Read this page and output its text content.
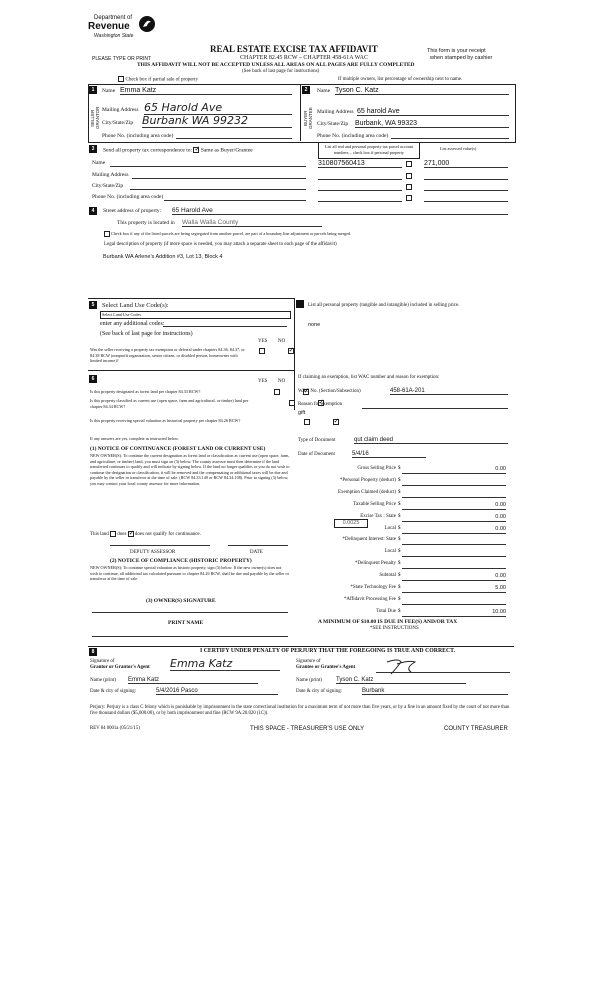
Department of
Revenue
Washington State
PLEASE TYPE OR PRINT
REAL ESTATE EXCISE TAX AFFIDAVIT
CHAPTER 82.45 RCW – CHAPTER 458-61A WAC
THIS AFFIDAVIT WILL NOT BE ACCEPTED UNLESS ALL AREAS ON ALL PAGES ARE FULLY COMPLETED
(See back of last page for instructions)
This form is your receipt
when stamped by cashier
Check box if partial sale of property	If multiple owners, list percentage of ownership next to name.
1
SELLER GRANTOR
Name Emma Katz
Mailing Address 65 Harold Ave
City/State/Zip Burbank WA 99232
Phone No. (including area code)
2
BUYER GRANTEE
Name Tyson C. Katz
Mailing Address 65 harold Ave
City/State/Zip Burbank, WA 99323
Phone No. (including area code)
3	Send all property tax correspondence to: ✓ Same as Buyer/Grantee
List all real and personal property tax parcel account numbers – check box if personal property
List assessed value(s)
Name
Mailing Address
City/State/Zip
Phone No. (including area code)
310807560413	271,000
4	Street address of property: 65 Harold Ave
This property is located in Walla Walla County
Check box if any of the listed parcels are being segregated from another parcel, are part of a boundary line adjustment or parcels being merged.
Legal description of property (if more space is needed, you may attach a separate sheet to each page of the affidavit)
Burbank WA Arlene's Addition #3, Lot 13, Block 4
5	Select Land Use Code(s):
Select Land Use Codes
enter any additional codes:
(See back of last page for instructions)
YES NO
Was the seller receiving a property tax exemption or deferral under chapters 84.36, 84.37, or 84.38 RCW (nonprofit organization, senior citizen, or disabled person, homeowner with limited income)?
✓
6	YES NO
Is this property designated as forest land per chapter 84.33 RCW?
✓
Is this property classified as current use (open space, farm and agricultural, or timber) land per chapter 84.34 RCW?
✓
Is this property receiving special valuation as historical property per chapter 84.26 RCW?
✓
If any answers are yes, complete as instructed below.
(1) NOTICE OF CONTINUANCE (FOREST LAND OR CURRENT USE)
NEW OWNER(S): To continue the current designation as forest land or classification as current use (open space, farm, and agriculture, or timber) land, you must sign on (3) below. The county assessor must then determine if the land transferred continues to qualify and will indicate by signing below. If the land no longer qualifies or you do not wish to continue the designation or classification, it will be removed and the compensating or additional taxes will be due and payable by the seller or transferor at the time of sale. (RCW 84.33.140 or RCW 84.34.108). Prior to signing (3) below, you may contact your local county assessor for more information.
This land does ✓ does not qualify for continuance.
DEPUTY ASSESSOR	DATE
(2) NOTICE OF COMPLIANCE (HISTORIC PROPERTY)
NEW OWNER(S): To continue special valuation as historic property, sign (3) below. If the new owner(s) does not wish to continue, all additional tax calculated pursuant to chapter 84.26 RCW, shall be due and payable by the seller or transferor at the time of sale.
(3) OWNER(S) SIGNATURE
PRINT NAME
List all personal property (tangible and intangible) included in selling price.
none
If claiming an exemption, list WAC number and reason for exemption:
WAC No. (Section/Subsection)	458-61A-201
Reason for exemption
gift
Type of Document	qut claim deed
Date of Document	5/4/16
Gross Selling Price $	0.00
*Personal Property (deduct) $
Exemption Claimed (deduct) $
Taxable Selling Price $	0.00
Excise Tax : State $	0.00
Local $	0.00
*Delinquent Interest: State $
Local $
*Delinquent Penalty $
Subtotal $	0.00
*State Technology Fee $	5.00
*Affidavit Processing Fee $
Total Due $	10.00
0.0025
A MINIMUM OF $10.00 IS DUE IN FEE(S) AND/OR TAX
*SEE INSTRUCTIONS
8	I CERTIFY UNDER PENALTY OF PERJURY THAT THE FOREGOING IS TRUE AND CORRECT.
Signature of
Grantor or Grantor's Agent Emma Katz
Name (print) Emma Katz
Date & city of signing:	5/4/2016 Pasco
Signature of
Grantee or Grantee's Agent
Name (print) Tyson C. Katz
Date & city of signing:	Burbank
Perjury: Perjury is a class C felony which is punishable by imprisonment in the state correctional institution for a maximum term of not more than five years, or by a fine in an amount fixed by the court of not more than five thousand dollars ($5,000.00), or by both imprisonment and fine (RCW 9A.20.020 (1C)).
REV 84 0001a (05/21/15)	THIS SPACE - TREASURER'S USE ONLY	COUNTY TREASURER
